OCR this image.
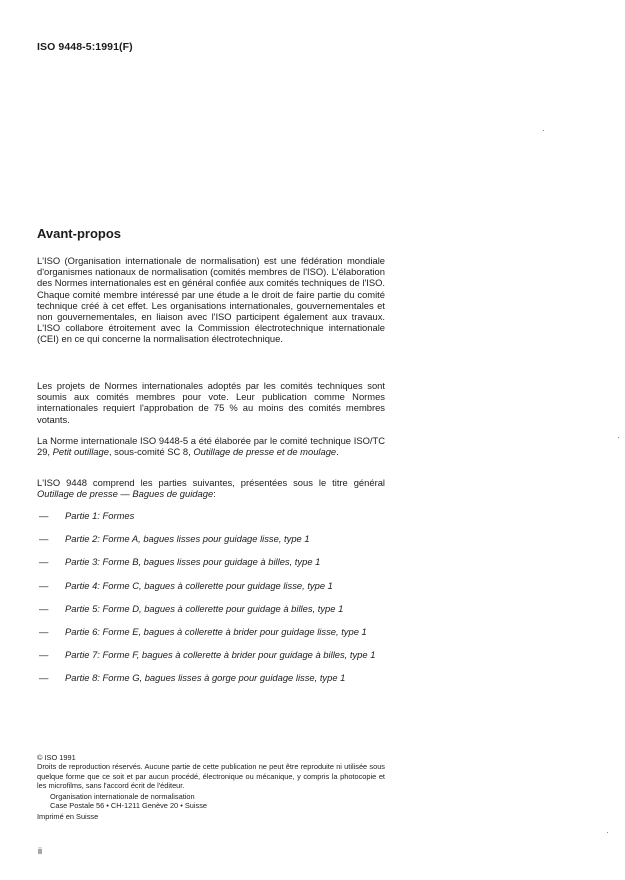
ISO 9448-5:1991(F)
Avant-propos

L'ISO (Organisation internationale de normalisation) est une fédération mondiale d'organismes nationaux de normalisation (comités membres de l'ISO). L'élaboration des Normes internationales est en général confiée aux comités techniques de l'ISO. Chaque comité membre intéressé par une étude a le droit de faire partie du comité technique créé à cet effet. Les organisations internationales, gouvernementales et non gouvernementales, en liaison avec l'ISO participent également aux travaux. L'ISO collabore étroitement avec la Commission électrotechnique internationale (CEI) en ce qui concerne la normalisation électrotechnique.

Les projets de Normes internationales adoptés par les comités techniques sont soumis aux comités membres pour vote. Leur publication comme Normes internationales requiert l'approbation de 75 % au moins des comités membres votants.

La Norme internationale ISO 9448-5 a été élaborée par le comité technique ISO/TC 29, Petit outillage, sous-comité SC 8, Outillage de presse et de moulage.

L'ISO 9448 comprend les parties suivantes, présentées sous le titre général Outillage de presse — Bagues de guidage:

—	Partie 1: Formes
—	Partie 2: Forme A, bagues lisses pour guidage lisse, type 1
—	Partie 3: Forme B, bagues lisses pour guidage à billes, type 1
—	Partie 4: Forme C, bagues à collerette pour guidage lisse, type 1
—	Partie 5: Forme D, bagues à collerette pour guidage à billes, type 1
—	Partie 6: Forme E, bagues à collerette à brider pour guidage lisse, type 1
—	Partie 7: Forme F, bagues à collerette à brider pour guidage à billes, type 1
—	Partie 8: Forme G, bagues lisses à gorge pour guidage lisse, type 1
© ISO 1991
Droits de reproduction réservés. Aucune partie de cette publication ne peut être reproduite ni utilisée sous quelque forme que ce soit et par aucun procédé, électronique ou mécanique, y compris la photocopie et les microfilms, sans l'accord écrit de l'éditeur.
Organisation internationale de normalisation
Case Postale 56 • CH-1211 Genève 20 • Suisse
Imprimé en Suisse
ii
